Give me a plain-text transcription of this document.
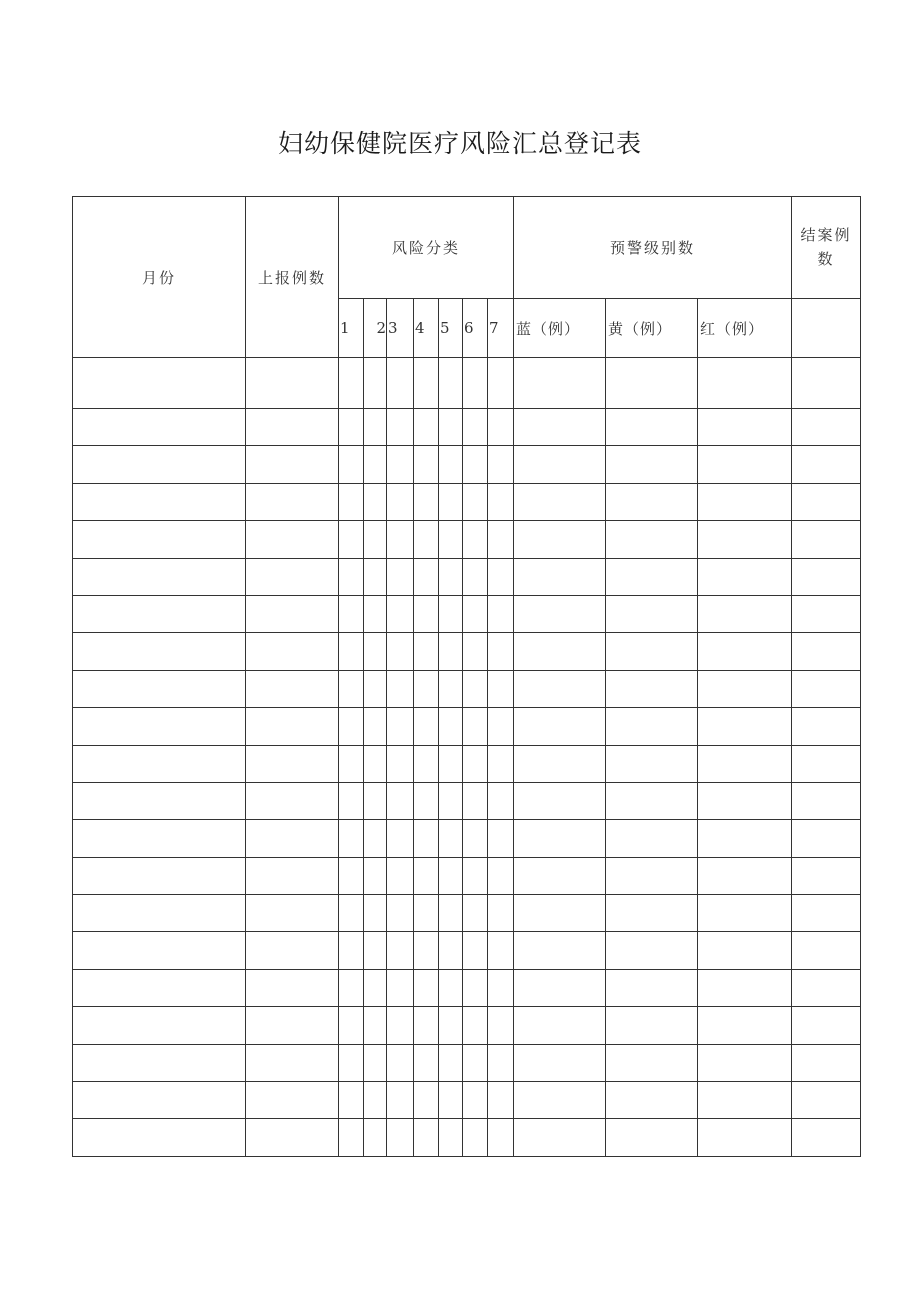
妇幼保健院医疗风险汇总登记表
月份	上报例数	风险分类							预警级别数			结案例数
		1	2	3	4	5	6	7	蓝（例）	黄（例）	红（例）	
